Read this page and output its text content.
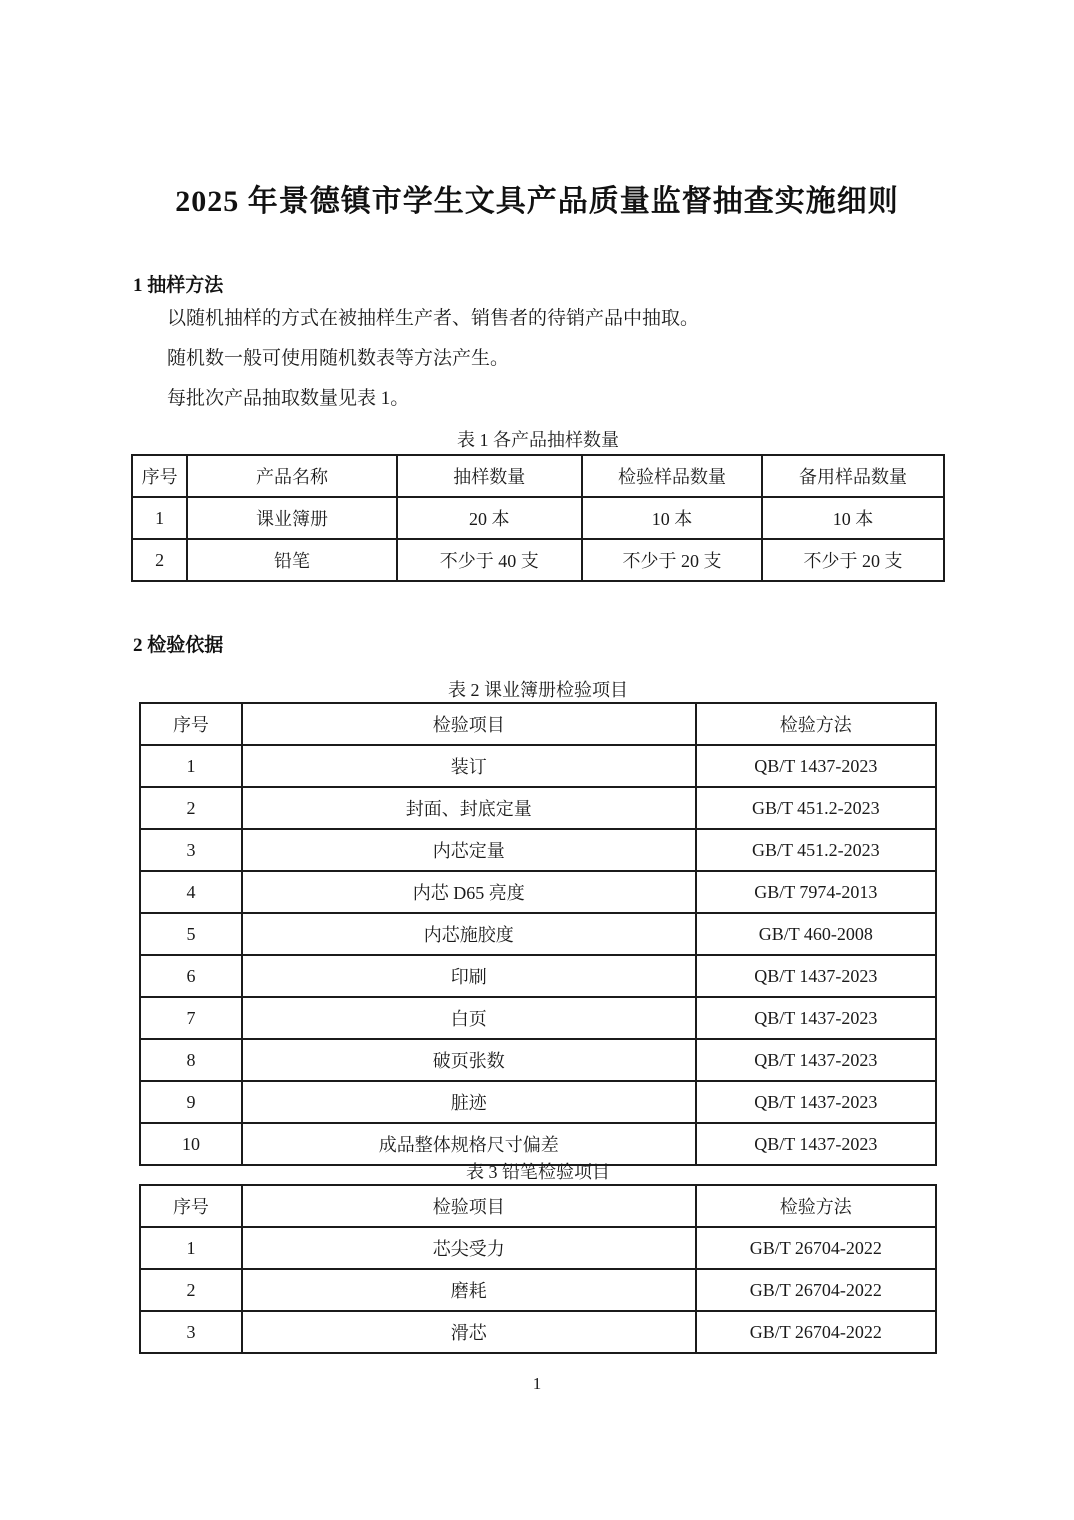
2025 年景德镇市学生文具产品质量监督抽查实施细则
1 抽样方法

以随机抽样的方式在被抽样生产者、销售者的待销产品中抽取。

随机数一般可使用随机数表等方法产生。

每批次产品抽取数量见表 1。

表 1 各产品抽样数量

序号	产品名称	抽样数量	检验样品数量	备用样品数量
1	课业簿册	20 本	10 本	10 本
2	铅笔	不少于 40 支	不少于 20 支	不少于 20 支
2 检验依据

表 2 课业簿册检验项目

序号	检验项目	检验方法
1	装订	QB/T 1437-2023
2	封面、封底定量	GB/T 451.2-2023
3	内芯定量	GB/T 451.2-2023
4	内芯 D65 亮度	GB/T 7974-2013
5	内芯施胶度	GB/T 460-2008
6	印刷	QB/T 1437-2023
7	白页	QB/T 1437-2023
8	破页张数	QB/T 1437-2023
9	脏迹	QB/T 1437-2023
10	成品整体规格尺寸偏差	QB/T 1437-2023

表 3 铅笔检验项目

序号	检验项目	检验方法
1	芯尖受力	GB/T 26704-2022
2	磨耗	GB/T 26704-2022
3	滑芯	GB/T 26704-2022
1
